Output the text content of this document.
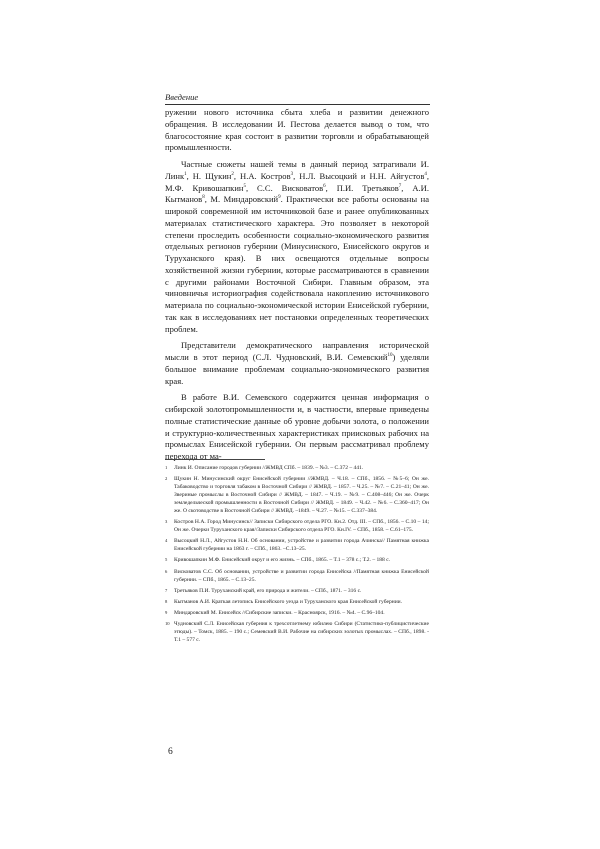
Введение

ружении нового источника сбыта хлеба и развитии денежного обращения. В исследовании И. Пестова делается вывод о том, что благосостояние края состоит в развитии торговли и обрабатывающей промышленности.

Частные сюжеты нашей темы в данный период затрагивали И. Линк$^1$, Н. Щукин$^2$, Н.А. Костров$^3$, Н.Л. Высоцкий и Н.Н. Айгустов$^4$, М.Ф. Кривошапкин$^5$, С.С. Висковатов$^6$, П.И. Третьяков$^7$, А.И. Кытманов$^8$, М. Миндаровский$^9$. Практически все работы основаны на широкой современной им источниковой базе и ранее опубликованных материалах статистического характера. Это позволяет в некоторой степени проследить особенности социально-экономического развития отдельных регионов губернии (Минусинского, Енисейского округов и Туруханского края). В них освещаются отдельные вопросы хозяйственной жизни губернии, которые рассматриваются в сравнении с другими районами Восточной Сибири. Главным образом, эта чиновничья историография содействовала накоплению источникового материала по социально-экономической истории Енисейской губернии, так как в исследованиях нет постановки определенных теоретических проблем.

Представители демократического направления исторической мысли в этот период (С.Л. Чудновский, В.И. Семевский$^{10}$) уделяли большое внимание проблемам социально-экономического развития края.

В работе В.И. Семевского содержится ценная информация о сибирской золотопромышленности и, в частности, впервые приведены полные статистические данные об уровне добычи золота, о положении и структурно-количественных характеристиках приисковых рабочих на промыслах Енисейской губернии. Он первым рассматривал проблему перехода от ма-

1 Линк И. Описание городов губернии //ЖМВД СПб. – 1839. – №3. – С.372 – 441.
2 Щукин Н. Минусинский округ Енисейской губернии //ЖМВД. – Ч.18. – СПб., 1856. – №5–6; Он же. Табаководство и торговля табаком в Восточной Сибири // ЖМВД. – 1857. – Ч.25. – №7. – С.21–41; Он же. Звериные промыслы в Восточной Сибири // ЖМВД. – 1847. – Ч.19. – №9. – С.408–446; Он же. Очерк земледельческой промышленности в Восточной Сибири // ЖМВД. – 1849. – Ч.42. – №6. – С.360–417; Он же. О скотоводстве в Восточной Сибири // ЖМВД. –1849. – Ч.27. – №15. – С.337–384.
3 Костров Н.А. Город Минусинск// Записки Сибирского отдела РГО. Кн.2. Отд. III. – СПб., 1856. – С.10 – 14; Он же. Очерки Туруханского края//Записки Сибирского отдела РГО. Кн.IV. – СПб., 1858. – С.61–175.
4 Высоцкий Н.Л., Айгустов Н.Н. Об основании, устройстве и развитии города Ачинска// Памятная книжка Енисейской губернии на 1863 г. – СПб., 1863. –С.13–25.
5 Кривошапкин М.Ф. Енисейский округ и его жизнь. – СПб., 1865. – Т.1 – 378 с.; Т.2. – 188 с.
6 Висковатов С.С. Об основании, устройстве и развитии города Енисейска //Памятная книжка Енисейской губернии. – СПб., 1865. – С.13–25.
7 Третьяков П.И. Туруханский край, его природа и жители. – СПб., 1871. – 316 с.
8 Кытманов А.И. Краткая летопись Енисейского уезда и Туруханского края Енисейской губернии.
9 Миндаровский М. Енисейск //Сибирские записки. – Красноярск, 1916. – №4. – С.96–104.
10 Чудновский С.Л. Енисейская губерния к трехсотлетнему юбилею Сибири (Статистико-публицистические этюды). – Томск, 1885. – 190 с.; Семевский В.И. Рабочие на сибирских золотых промыслах. – СПб., 1898. - Т.1 – 577 с.
6
